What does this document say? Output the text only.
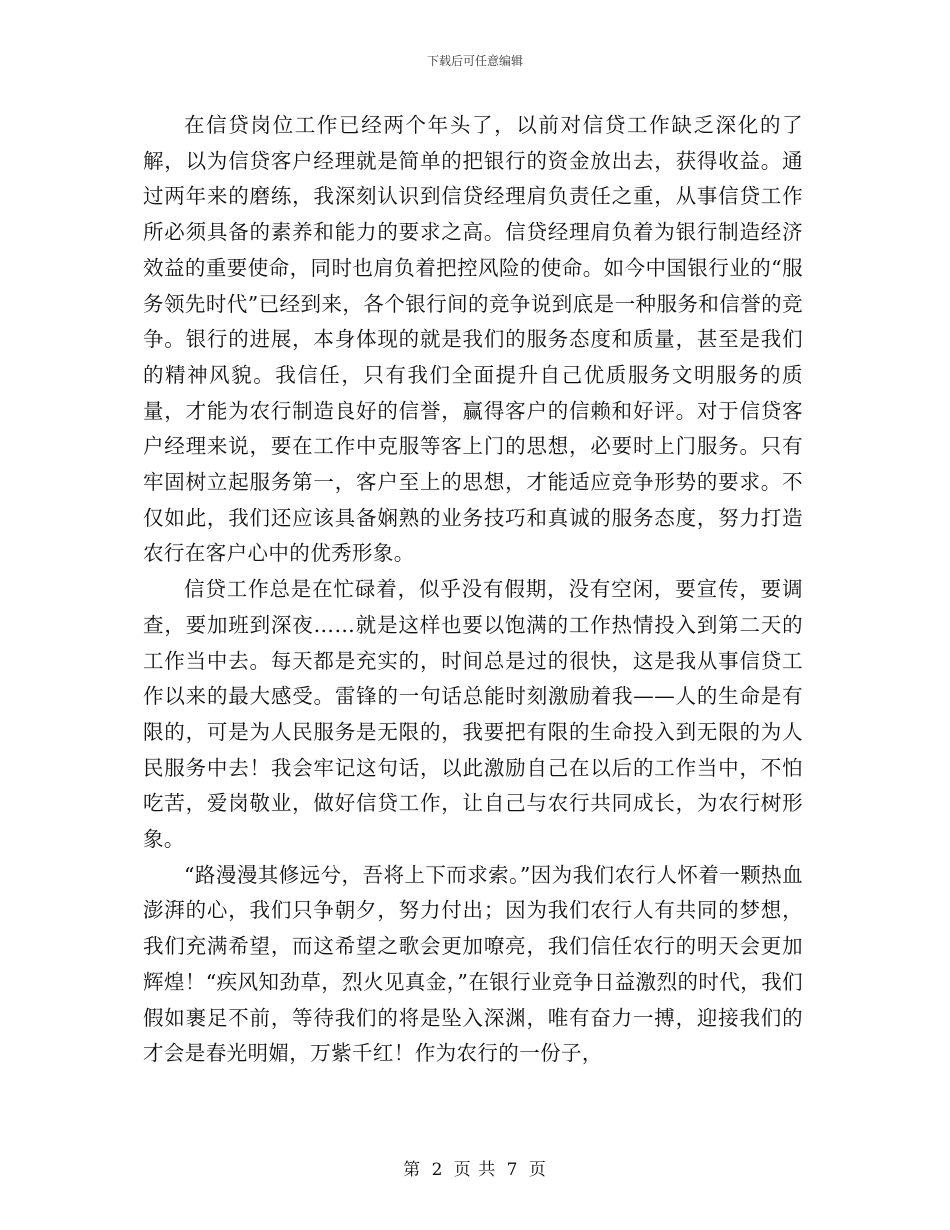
下载后可任意编辑

在信贷岗位工作已经两个年头了，以前对信贷工作缺乏深化的了解，以为信贷客户经理就是简单的把银行的资金放出去，获得收益。通过两年来的磨练，我深刻认识到信贷经理肩负责任之重，从事信贷工作所必须具备的素养和能力的要求之高。信贷经理肩负着为银行制造经济效益的重要使命，同时也肩负着把控风险的使命。如今中国银行业的“服务领先时代”已经到来，各个银行间的竞争说到底是一种服务和信誉的竞争。银行的进展，本身体现的就是我们的服务态度和质量，甚至是我们的精神风貌。我信任，只有我们全面提升自己优质服务文明服务的质量，才能为农行制造良好的信誉，赢得客户的信赖和好评。对于信贷客户经理来说，要在工作中克服等客上门的思想，必要时上门服务。只有牢固树立起服务第一，客户至上的思想，才能适应竞争形势的要求。不仅如此，我们还应该具备娴熟的业务技巧和真诚的服务态度，努力打造农行在客户心中的优秀形象。

信贷工作总是在忙碌着，似乎没有假期，没有空闲，要宣传，要调查，要加班到深夜……就是这样也要以饱满的工作热情投入到第二天的工作当中去。每天都是充实的，时间总是过的很快，这是我从事信贷工作以来的最大感受。雷锋的一句话总能时刻激励着我——人的生命是有限的，可是为人民服务是无限的，我要把有限的生命投入到无限的为人民服务中去！我会牢记这句话，以此激励自己在以后的工作当中，不怕吃苦，爱岗敬业，做好信贷工作，让自己与农行共同成长，为农行树形象。

“路漫漫其修远兮，吾将上下而求索。”因为我们农行人怀着一颗热血澎湃的心，我们只争朝夕，努力付出；因为我们农行人有共同的梦想，我们充满希望，而这希望之歌会更加嘹亮，我们信任农行的明天会更加辉煌！“疾风知劲草，烈火见真金，”在银行业竞争日益激烈的时代，我们假如裹足不前，等待我们的将是坠入深渊，唯有奋力一搏，迎接我们的才会是春光明媚，万紫千红！作为农行的一份子，

第 2 页 共 7 页
